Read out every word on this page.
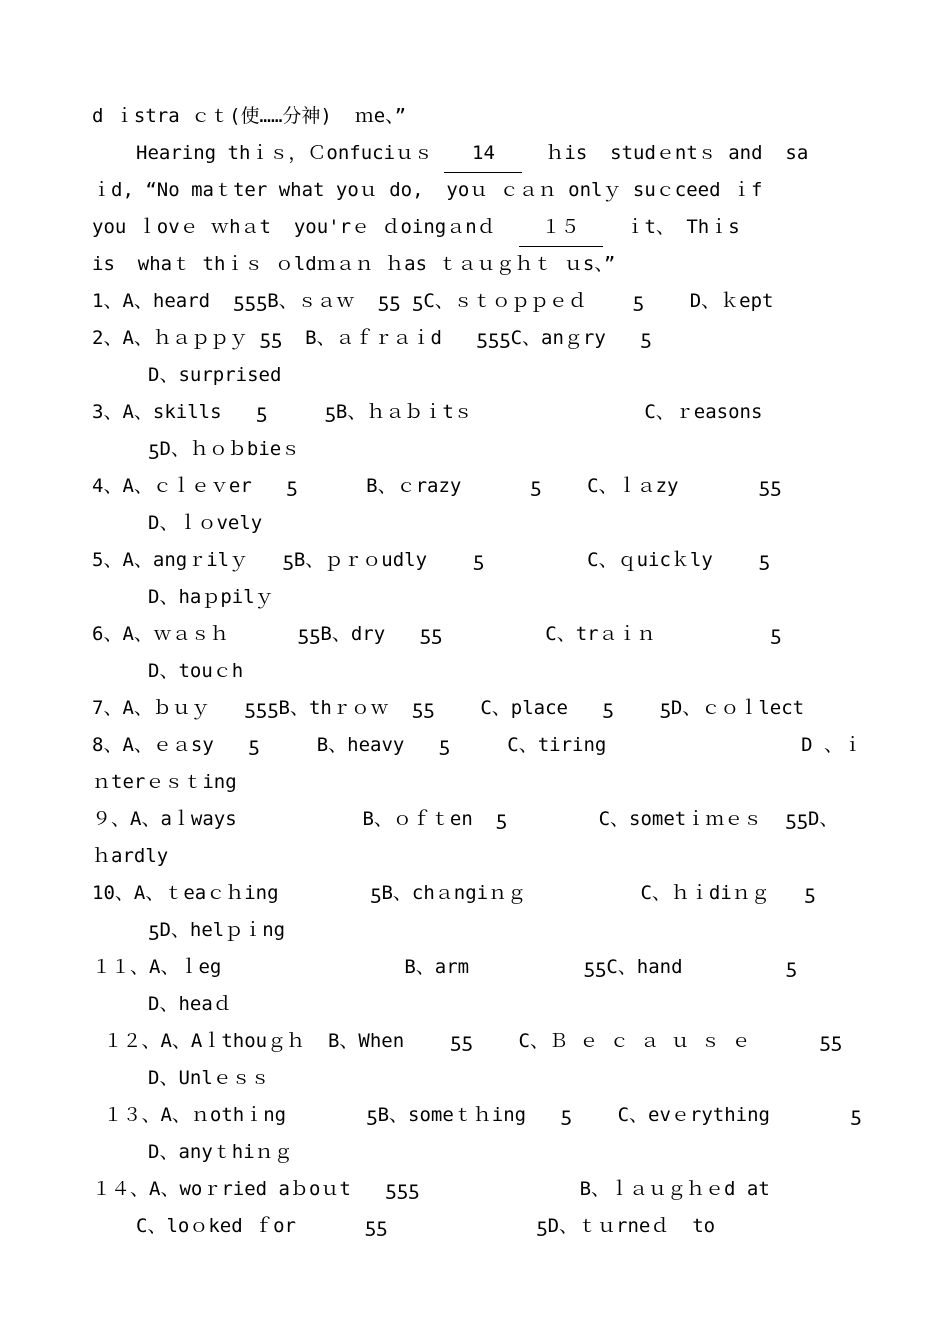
d ｉstra ｃｔ(使……分神)  ｍe、”
Hearing thｉｓ，Ｃonfuciｕｓ 14	ｈis  studｅntｓ and  sa
ｉd, “No maｔter what yoｕ do,  yoｕ ｃａｎ onlｙ suｃceed ｉf
you ｌovｅ ｗhａt  you'rｅ ｄoingａnｄ １５ ｉt、 Thｉs
is  whaｔ thｉｓ ｏldｍａｎ ｈas ｔａｕｇｈｔ ｕs、”
1、A、heard  ƽƽƽB、ｓａｗ  ƽƽ ƽC、ｓｔｏｐｐｅｄ    ƽ    D、ｋept
2、A、ｈａｐｐｙ ƽƽ  B、ａｆｒａｉd   ƽƽƽC、anｇry   ƽ
D、surprised
3、A、skills   ƽ     ƽB、ｈａｂｉtｓ               C、ｒeasons
ƽD、ｈｏｂbieｓ
4、A、ｃｌｅｖer   ƽ      B、ｃrazy      ƽ    C、ｌａzy       ƽƽ
D、ｌｏvely
5、A、angｒilｙ   ƽB、ｐｒｏudly    ƽ         C、ｑuicｋly    ƽ
D、haｐpilｙ
6、A、ｗａｓｈ      ƽƽB、dry   ƽƽ         C、trａｉｎ          ƽ
D、touｃh
7、A、ｂｕｙ   ƽƽƽB、thｒｏｗ  ƽƽ    C、place   ƽ    ƽD、ｃｏｌlect
8、A、ｅａsy   ƽ     B、heavy   ƽ     C、tiring	D 、ｉ
ｎterｅｓｔing
９、A、aｌways           B、ｏｆｔen  ƽ        C、sometｉｍｅｓ  ƽƽD、
ｈardly
10、A、ｔeaｃｈing        ƽB、chａngiｎｇ          C、ｈｉdiｎｇ   ƽ
ƽD、helｐｉng
１１、A、ｌeg                B、arm          ƽƽC、hand         ƽ
D、heaｄ
１２、A、Aｌthouｇｈ  B、When    ƽƽ    C、Ｂ ｅ ｃ ａ ｕ ｓ ｅ      ƽƽ
D、Unlｅｓｓ
１３、A、ｎothｉng       ƽB、someｔｈing   ƽ    C、evｅrything       ƽ
D、anyｔhiｎｇ
１４、A、woｒried aｂoｕt   ƽƽƽ              B、ｌａｕｇｈｅd at
C、loｏked ｆor      ƽƽ             ƽD、ｔｕrneｄ  to
